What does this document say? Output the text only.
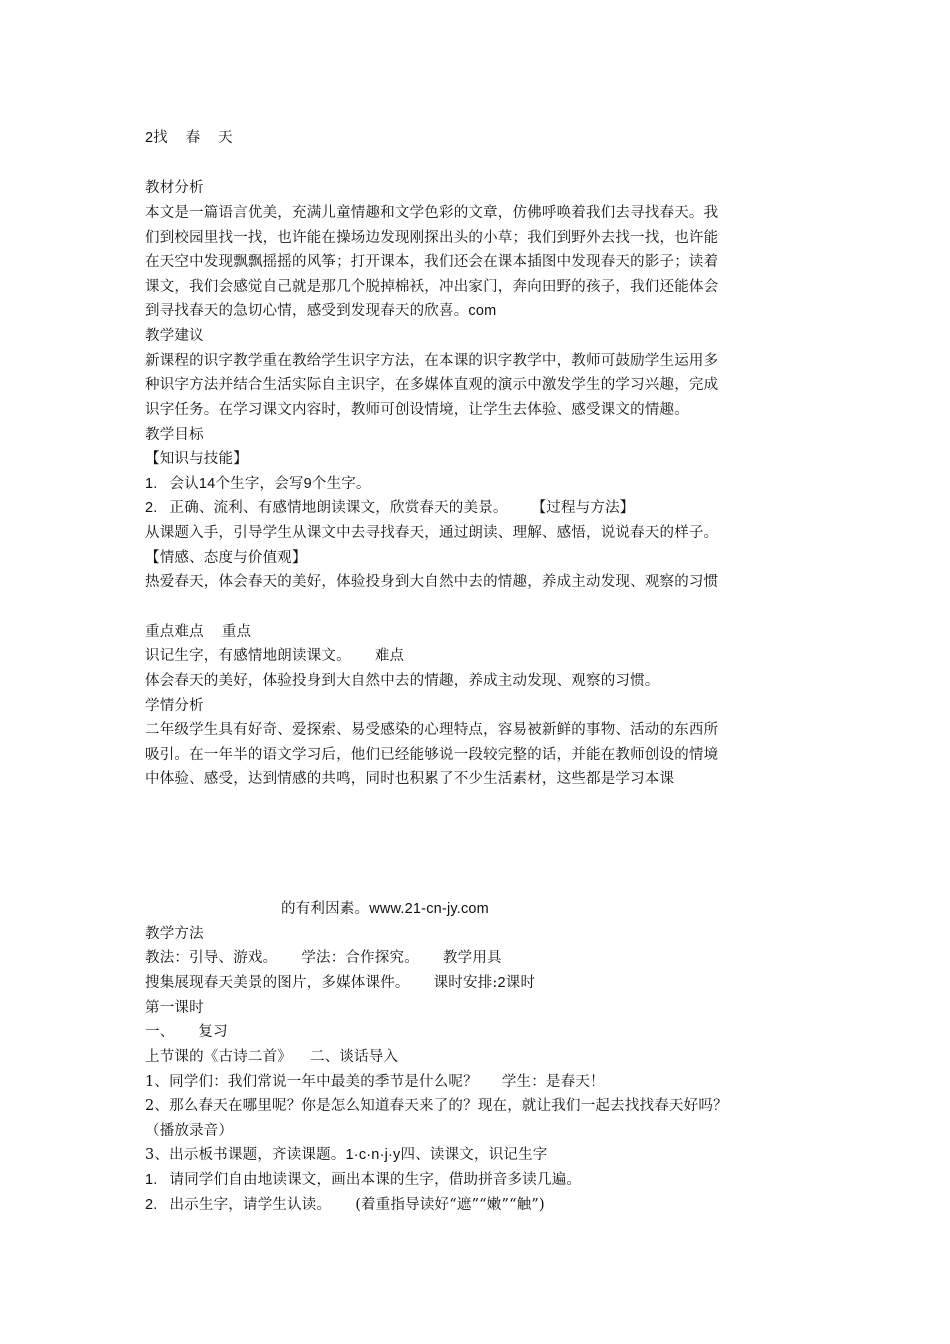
2找 春 天
教材分析
本文是一篇语言优美，充满儿童情趣和文学色彩的文章，仿佛呼唤着我们去寻找春天。我
们到校园里找一找，也许能在操场边发现刚探出头的小草；我们到野外去找一找，也许能
在天空中发现飘飘摇摇的风筝；打开课本，我们还会在课本插图中发现春天的影子；读着
课文，我们会感觉自己就是那几个脱掉棉袄，冲出家门，奔向田野的孩子，我们还能体会
到寻找春天的急切心情，感受到发现春天的欣喜。com
教学建议
新课程的识字教学重在教给学生识字方法，在本课的识字教学中，教师可鼓励学生运用多
种识字方法并结合生活实际自主识字，在多媒体直观的演示中激发学生的学习兴趣，完成
识字任务。在学习课文内容时，教师可创设情境，让学生去体验、感受课文的情趣。
教学目标
【知识与技能】
1. 会认14个生字，会写9个生字。
2. 正确、流利、有感情地朗读课文，欣赏春天的美景。 【过程与方法】
从课题入手，引导学生从课文中去寻找春天，通过朗读、理解、感悟，说说春天的样子。
【情感、态度与价值观】
热爱春天，体会春天的美好，体验投身到大自然中去的情趣，养成主动发现、观察的习惯
重点难点 重点
识记生字，有感情地朗读课文。 难点
体会春天的美好，体验投身到大自然中去的情趣，养成主动发现、观察的习惯。
学情分析
二年级学生具有好奇、爱探索、易受感染的心理特点，容易被新鲜的事物、活动的东西所
吸引。在一年半的语文学习后，他们已经能够说一段较完整的话，并能在教师创设的情境
中体验、感受，达到情感的共鸣，同时也积累了不少生活素材，这些都是学习本课
的有利因素。www.21-cn-jy.com
教学方法
教法：引导、游戏。 学法：合作探究。 教学用具
搜集展现春天美景的图片，多媒体课件。 课时安排:2课时
第一课时
一、 复习
上节课的《古诗二首》 二、谈话导入
1、同学们：我们常说一年中最美的季节是什么呢？ 学生：是春天！
2、那么春天在哪里呢？你是怎么知道春天来了的？现在，就让我们一起去找找春天好吗？
（播放录音）
3、出示板书课题，齐读课题。1·c·n·j·y四、读课文，识记生字
1. 请同学们自由地读课文，画出本课的生字，借助拼音多读几遍。
2. 出示生字，请学生认读。 (着重指导读好“遮”“嫩”“触”)
